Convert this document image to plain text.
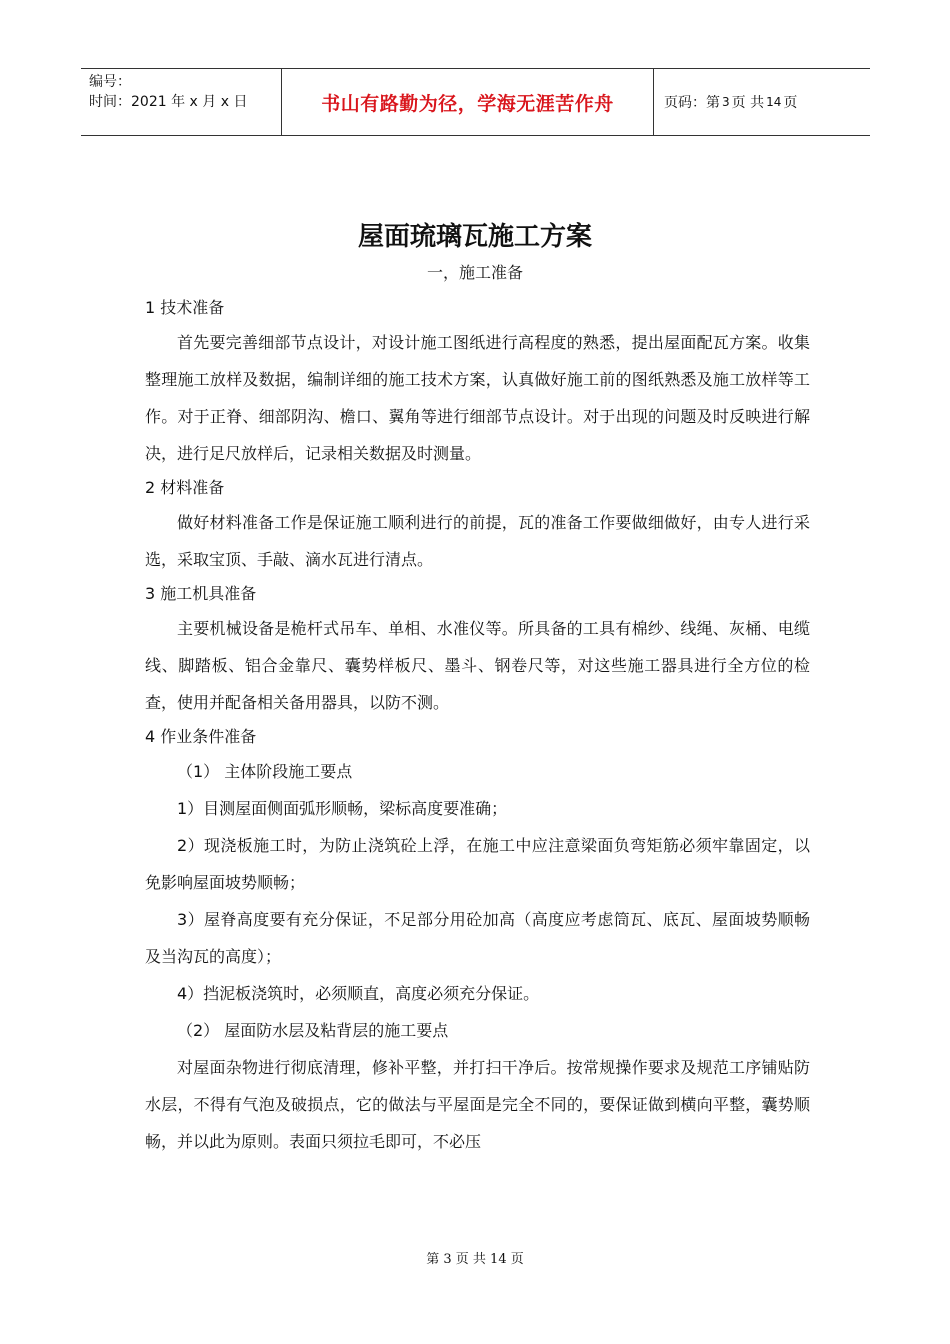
编号：
时间：2021 年 x 月 x 日	书山有路勤为径，学海无涯苦作舟	页码：第 3 页 共 14 页
屋面琉璃瓦施工方案
一，施工准备
1 技术准备
首先要完善细部节点设计，对设计施工图纸进行高程度的熟悉，提出屋面配瓦方案。收集整理施工放样及数据，编制详细的施工技术方案，认真做好施工前的图纸熟悉及施工放样等工作。对于正脊、细部阴沟、檐口、翼角等进行细部节点设计。对于出现的问题及时反映进行解决，进行足尺放样后，记录相关数据及时测量。
2 材料准备
做好材料准备工作是保证施工顺利进行的前提，瓦的准备工作要做细做好，由专人进行采选，采取宝顶、手敲、滴水瓦进行清点。
3 施工机具准备
主要机械设备是桅杆式吊车、单相、水准仪等。所具备的工具有棉纱、线绳、灰桶、电缆线、脚踏板、铝合金靠尺、囊势样板尺、墨斗、钢卷尺等，对这些施工器具进行全方位的检查，使用并配备相关备用器具，以防不测。
4 作业条件准备
（1） 主体阶段施工要点
1）目测屋面侧面弧形顺畅，梁标高度要准确；
2）现浇板施工时，为防止浇筑砼上浮，在施工中应注意梁面负弯矩筋必须牢靠固定，以免影响屋面坡势顺畅；
3）屋脊高度要有充分保证，不足部分用砼加高（高度应考虑筒瓦、底瓦、屋面坡势顺畅及当沟瓦的高度）；
4）挡泥板浇筑时，必须顺直，高度必须充分保证。
（2） 屋面防水层及粘背层的施工要点
对屋面杂物进行彻底清理，修补平整，并打扫干净后。按常规操作要求及规范工序铺贴防水层，不得有气泡及破损点，它的做法与平屋面是完全不同的，要保证做到横向平整，囊势顺畅，并以此为原则。表面只须拉毛即可，不必压
第 3 页 共 14 页
